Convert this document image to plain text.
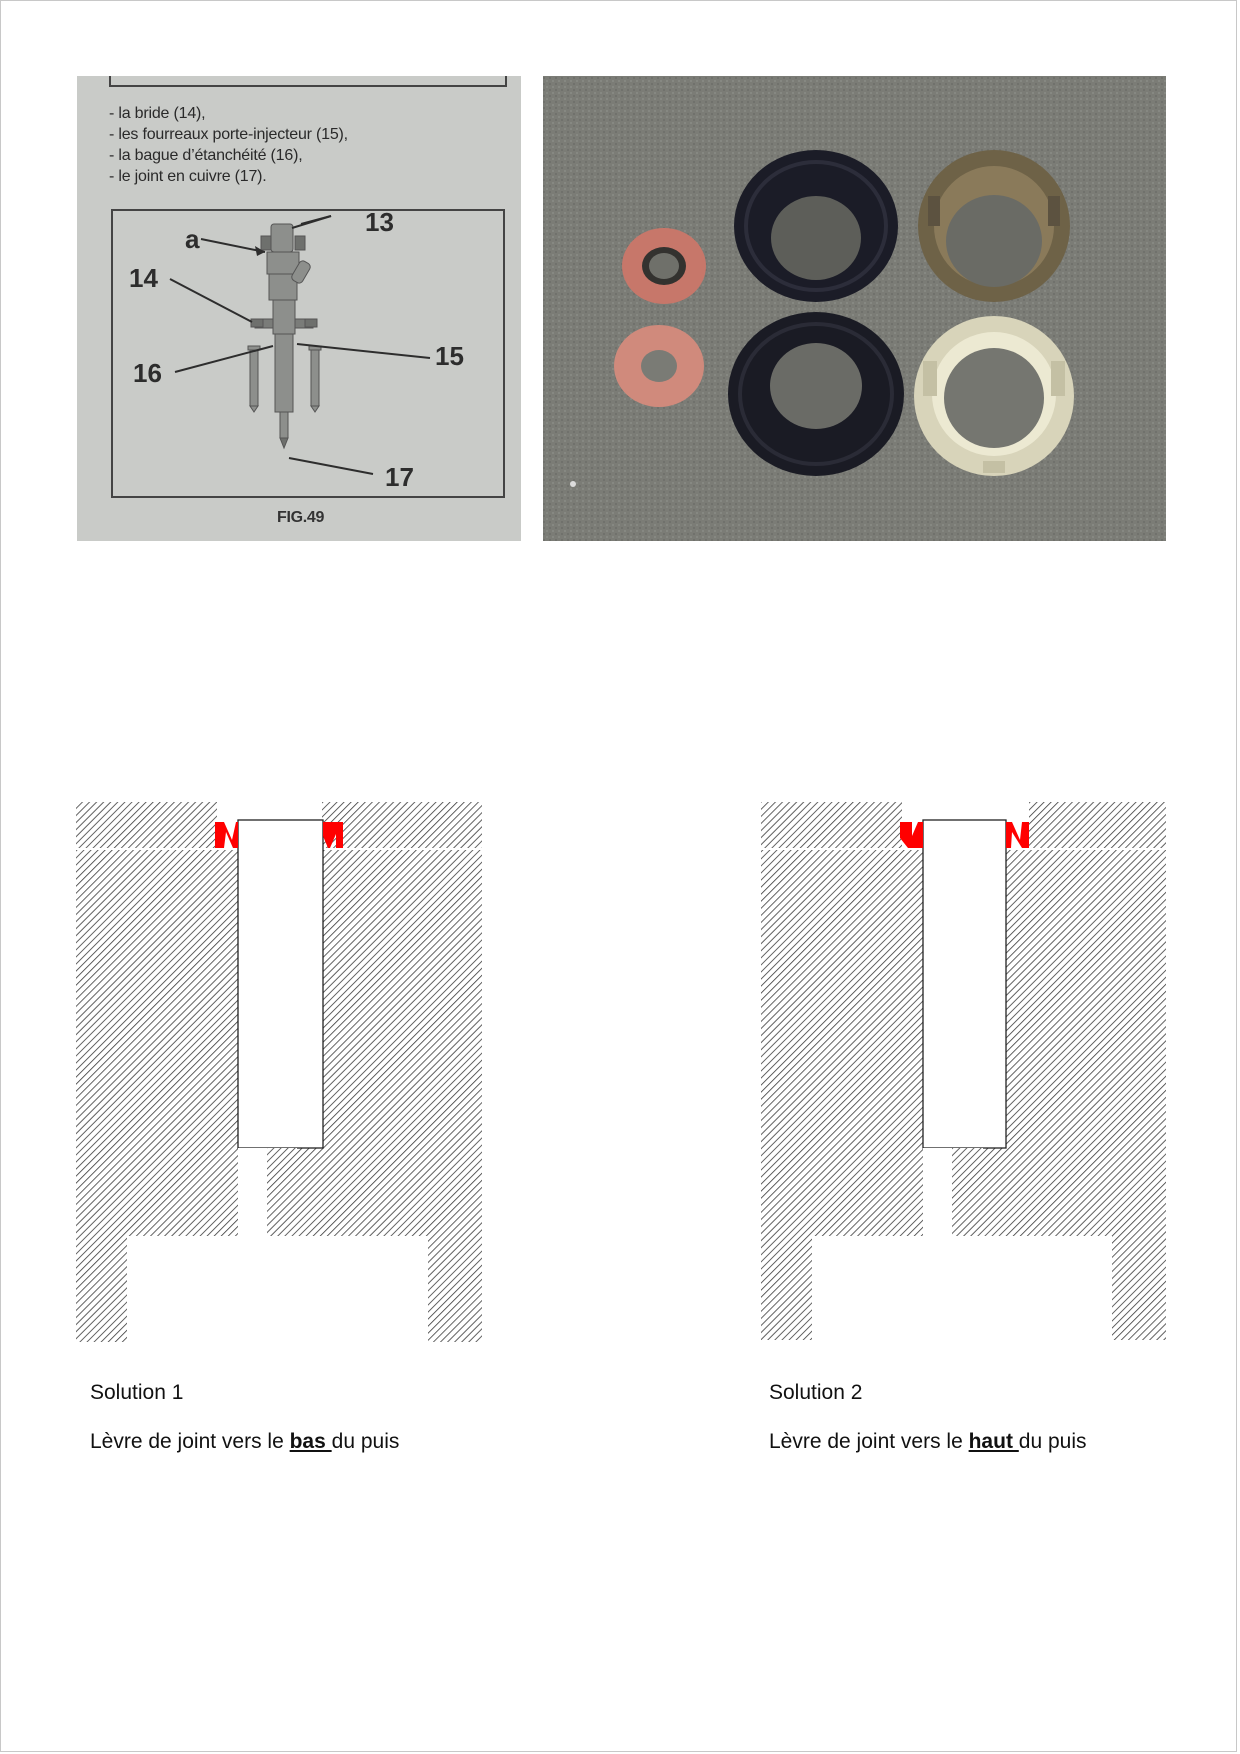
- la bride (14),
- les fourreaux porte-injecteur (15),
- la bague d’étanchéité (16),
- le joint en cuivre (17).
13
a
14
15
16
17
FIG.49

Solution 1

Lèvre de joint vers le bas du puis

Solution 2

Lèvre de joint vers le haut du puis
